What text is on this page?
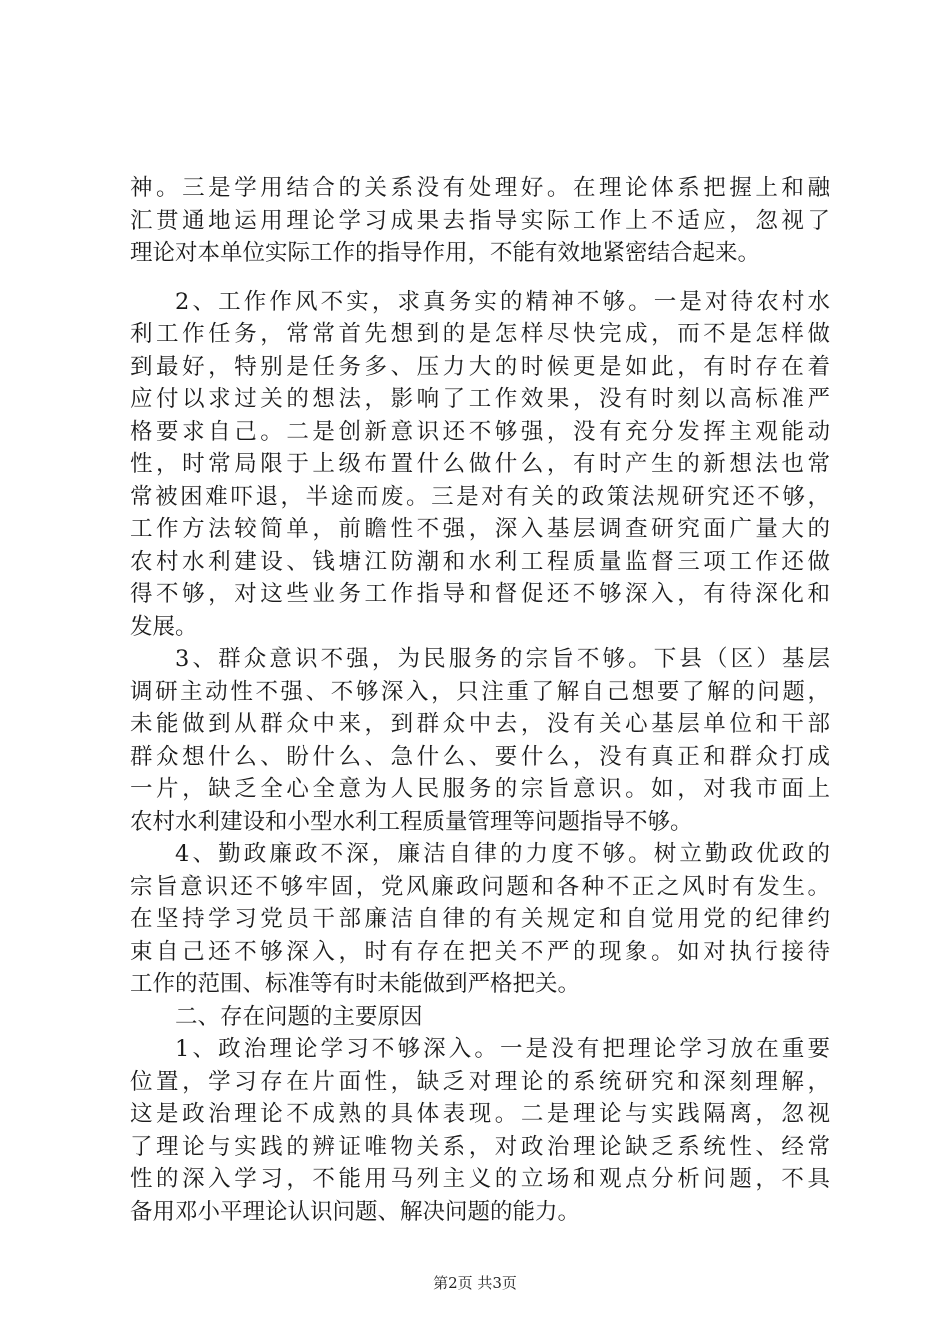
神。三是学用结合的关系没有处理好。在理论体系把握上和融
汇贯通地运用理论学习成果去指导实际工作上不适应，忽视了
理论对本单位实际工作的指导作用，不能有效地紧密结合起来。
2、工作作风不实，求真务实的精神不够。一是对待农村水
利工作任务，常常首先想到的是怎样尽快完成，而不是怎样做
到最好，特别是任务多、压力大的时候更是如此，有时存在着
应付以求过关的想法，影响了工作效果，没有时刻以高标准严
格要求自己。二是创新意识还不够强，没有充分发挥主观能动
性，时常局限于上级布置什么做什么，有时产生的新想法也常
常被困难吓退，半途而废。三是对有关的政策法规研究还不够，
工作方法较简单，前瞻性不强，深入基层调查研究面广量大的
农村水利建设、钱塘江防潮和水利工程质量监督三项工作还做
得不够，对这些业务工作指导和督促还不够深入，有待深化和
发展。
3、群众意识不强，为民服务的宗旨不够。下县（区）基层
调研主动性不强、不够深入，只注重了解自己想要了解的问题，
未能做到从群众中来，到群众中去，没有关心基层单位和干部
群众想什么、盼什么、急什么、要什么，没有真正和群众打成
一片，缺乏全心全意为人民服务的宗旨意识。如，对我市面上
农村水利建设和小型水利工程质量管理等问题指导不够。
4、勤政廉政不深，廉洁自律的力度不够。树立勤政优政的
宗旨意识还不够牢固，党风廉政问题和各种不正之风时有发生。
在坚持学习党员干部廉洁自律的有关规定和自觉用党的纪律约
束自己还不够深入，时有存在把关不严的现象。如对执行接待
工作的范围、标准等有时未能做到严格把关。
二、存在问题的主要原因
1、政治理论学习不够深入。一是没有把理论学习放在重要
位置，学习存在片面性，缺乏对理论的系统研究和深刻理解，
这是政治理论不成熟的具体表现。二是理论与实践隔离，忽视
了理论与实践的辨证唯物关系，对政治理论缺乏系统性、经常
性的深入学习，不能用马列主义的立场和观点分析问题，不具
备用邓小平理论认识问题、解决问题的能力。
第2页 共3页
